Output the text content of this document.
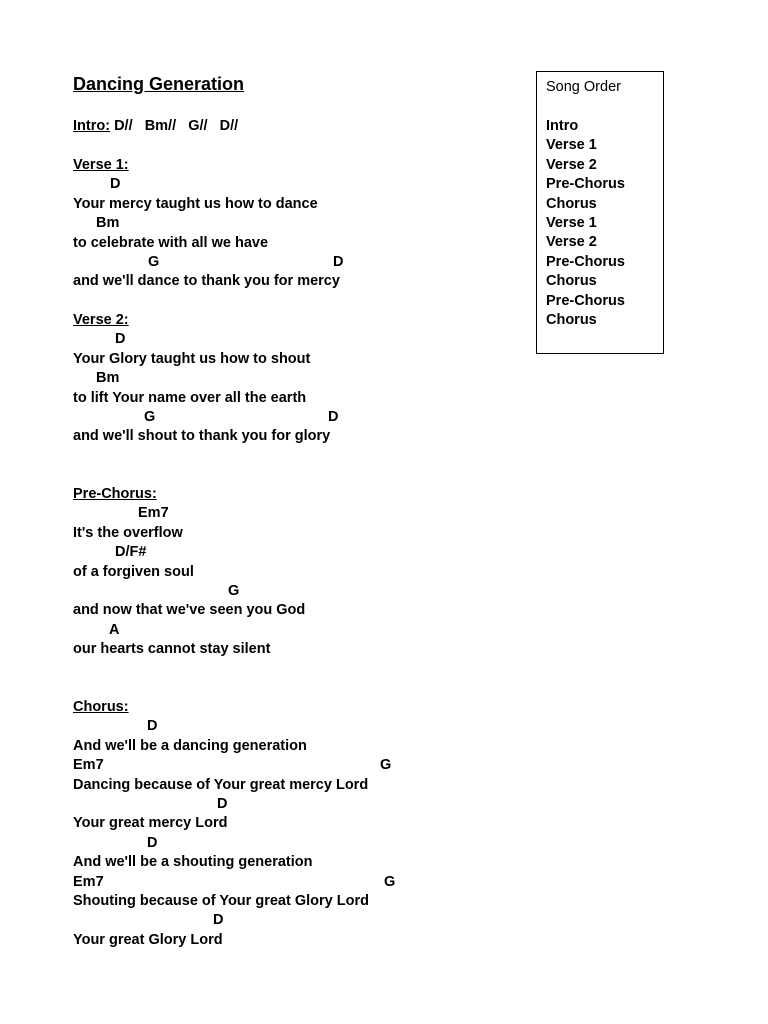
Dancing Generation
Intro: D//   Bm//   G//   D//
Verse 1:

D

Your mercy taught us how to dance

Bm

to celebrate with all we have

G

	D

and we'll dance to thank you for mercy
Verse 2:

D

Your Glory taught us how to shout

Bm

to lift Your name over all the earth

G

	D

and we'll shout to thank you for glory
Pre-Chorus:

Em7

It's the overflow

D/F#

of a forgiven soul

G

and now that we've seen you God

A

our hearts cannot stay silent
Chorus:

D

And we'll be a dancing generation

Em7

	G

Dancing because of Your great mercy Lord

D

Your great mercy Lord

D

And we'll be a shouting generation

Em7

	G

Shouting because of Your great Glory Lord

D

Your great Glory Lord
Song Order
Intro
Verse 1
Verse 2
Pre-Chorus
Chorus
Verse 1
Verse 2
Pre-Chorus
Chorus
Pre-Chorus
Chorus
